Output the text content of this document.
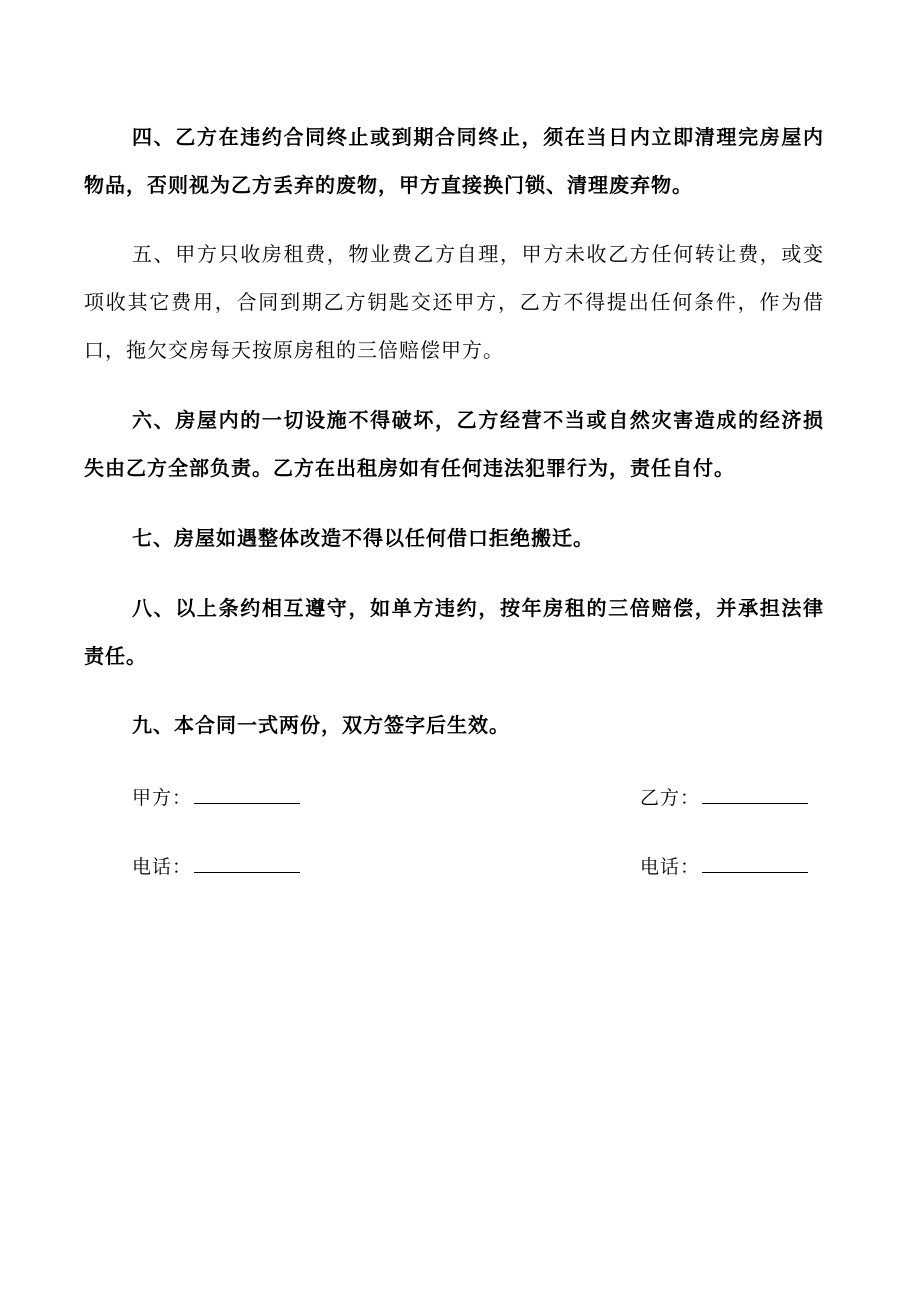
四、乙方在违约合同终止或到期合同终止，须在当日内立即清理完房屋内物品，否则视为乙方丢弃的废物，甲方直接换门锁、清理废弃物。

五、甲方只收房租费，物业费乙方自理，甲方未收乙方任何转让费，或变项收其它费用，合同到期乙方钥匙交还甲方，乙方不得提出任何条件，作为借口，拖欠交房每天按原房租的三倍赔偿甲方。

六、房屋内的一切设施不得破坏，乙方经营不当或自然灾害造成的经济损失由乙方全部负责。乙方在出租房如有任何违法犯罪行为，责任自付。

七、房屋如遇整体改造不得以任何借口拒绝搬迁。

八、以上条约相互遵守，如单方违约，按年房租的三倍赔偿，并承担法律责任。

九、本合同一式两份，双方签字后生效。

甲方：	乙方：
电话：	电话：
